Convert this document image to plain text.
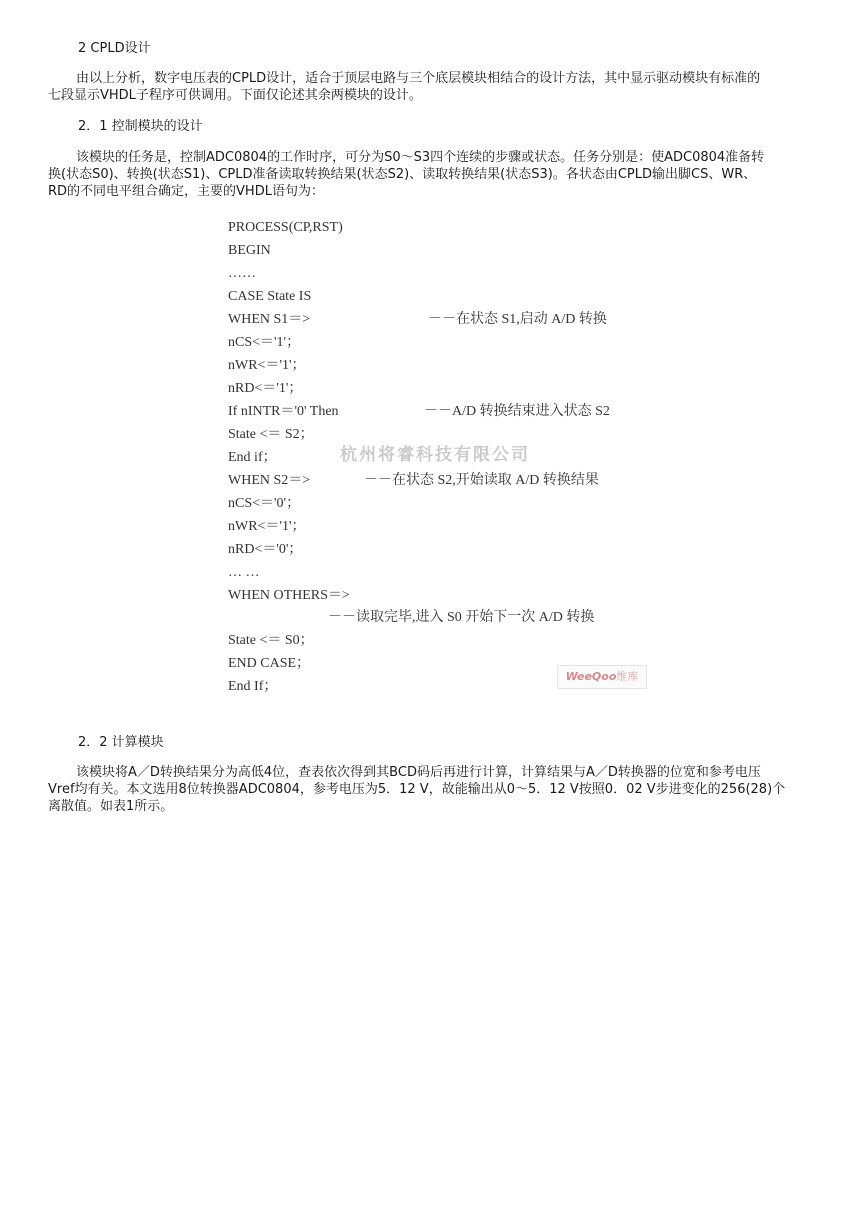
2 CPLD设计
由以上分析，数字电压表的CPLD设计，适合于顶层电路与三个底层模块相结合的设计方法，其中显示驱动模块有标准的
七段显示VHDL子程序可供调用。下面仅论述其余两模块的设计。
2．1 控制模块的设计
该模块的任务是，控制ADC0804的工作时序，可分为S0～S3四个连续的步骤或状态。任务分别是：使ADC0804准备转
换(状态S0)、转换(状态S1)、CPLD准备读取转换结果(状态S2)、读取转换结果(状态S3)。各状态由CPLD输出脚CS、WR、
RD的不同电平组合确定，主要的VHDL语句为：
PROCESS(CP,RST)
BEGIN
……
CASE State IS
WHEN S1＝>	－－在状态 S1,启动 A/D 转换
nCS<＝'1'；
nWR<＝'1'；
nRD<＝'1'；
If nINTR＝'0' Then	－－A/D 转换结束进入状态 S2
State <＝ S2；
End if；
WHEN S2＝>	－－在状态 S2,开始读取 A/D 转换结果
nCS<＝'0'；
nWR<＝'1'；
nRD<＝'0'；
… …
WHEN OTHERS＝>
－－读取完毕,进入 S0 开始下一次 A/D 转换
State <＝ S0；
END CASE；
End If；
杭州将睿科技有限公司
WeeQoo维库
2．2 计算模块
该模块将A／D转换结果分为高低4位，查表依次得到其BCD码后再进行计算，计算结果与A／D转换器的位宽和参考电压
Vref均有关。本文选用8位转换器ADC0804，参考电压为5．12 V，故能输出从0～5．12 V按照0．02 V步进变化的256(28)个
离散值。如表1所示。
